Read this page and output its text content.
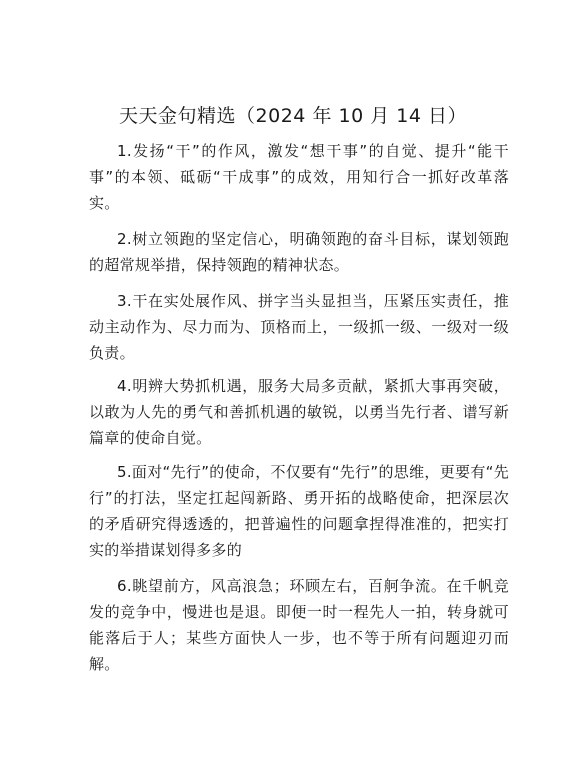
天天金句精选（2024 年 10 月 14 日）

1.发扬“干”的作风，激发“想干事”的自觉、提升“能干事”的本领、砥砺“干成事”的成效，用知行合一抓好改革落实。

2.树立领跑的坚定信心，明确领跑的奋斗目标，谋划领跑的超常规举措，保持领跑的精神状态。

3.干在实处展作风、拼字当头显担当，压紧压实责任，推动主动作为、尽力而为、顶格而上，一级抓一级、一级对一级负责。

4.明辨大势抓机遇，服务大局多贡献，紧抓大事再突破，以敢为人先的勇气和善抓机遇的敏锐，以勇当先行者、谱写新篇章的使命自觉。

5.面对“先行”的使命，不仅要有“先行”的思维，更要有“先行”的打法，坚定扛起闯新路、勇开拓的战略使命，把深层次的矛盾研究得透透的，把普遍性的问题拿捏得准准的，把实打实的举措谋划得多多的

6.眺望前方，风高浪急；环顾左右，百舸争流。在千帆竞发的竞争中，慢进也是退。即便一时一程先人一拍，转身就可能落后于人；某些方面快人一步，也不等于所有问题迎刃而解。
